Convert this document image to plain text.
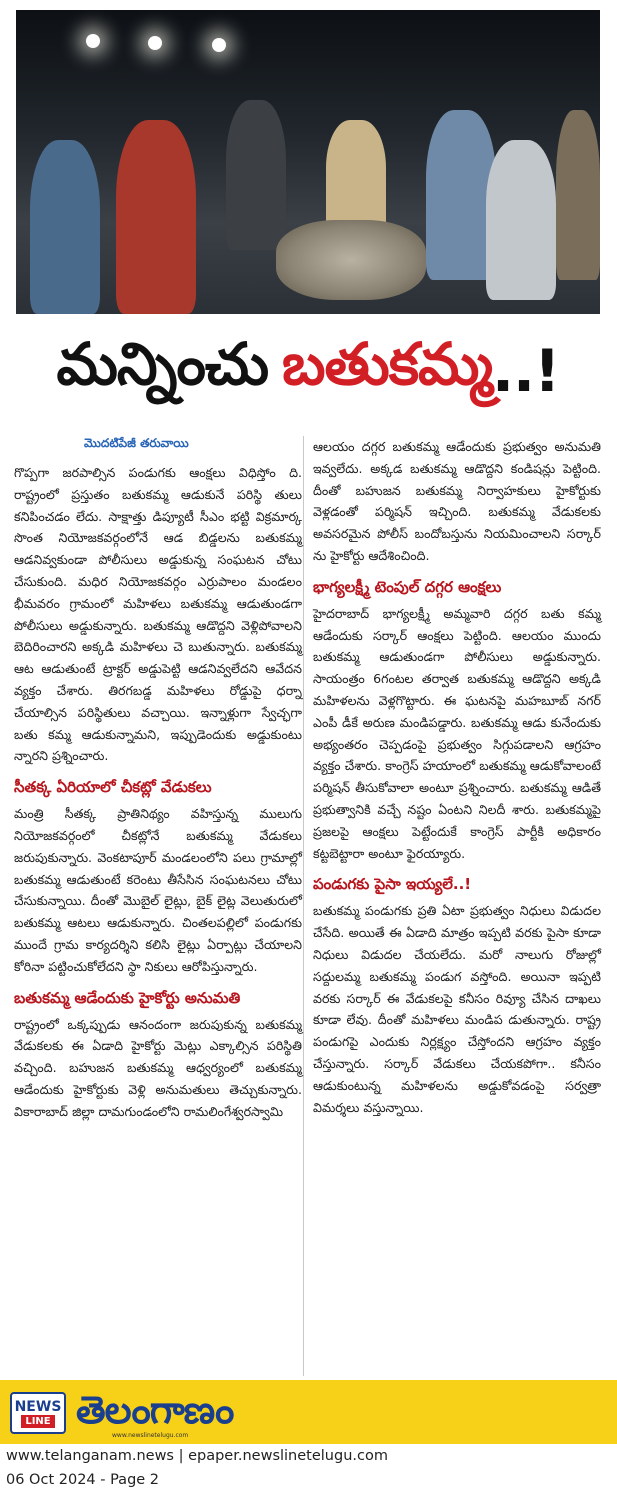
మన్నించు బతుకమ్మ ..!
మొదటిపేజీ తరువాయి

గొప్పగా జరపాల్సిన పండుగకు ఆంక్షలు విధిస్తోం ది. రాష్ట్రంలో ప్రస్తుతం బతుకమ్మ ఆడుకునే పరిస్థి తులు కనిపించడం లేదు. సాక్షాత్తు డిప్యూటీ సీఎం భట్టి విక్రమార్క సొంత నియోజకవర్గంలోనే ఆడ బిడ్డలను బతుకమ్మ ఆడనివ్వకుండా పోలీసులు అడ్డుకున్న సంఘటన చోటు చేసుకుంది. మధిర నియోజకవర్గం ఎర్రుపాలం మండలం భీమవరం గ్రామంలో మహిళలు బతుకమ్మ ఆడుతుండగా పోలీసులు అడ్డుకున్నారు. బతుకమ్మ ఆడొద్దని వెళ్లిపోవాలని బెదిరించారని అక్కడి మహిళలు చె బుతున్నారు. బతుకమ్మ ఆట ఆడుతుంటే ట్రాక్టర్ అడ్డుపెట్టి ఆడనివ్వలేదని ఆవేదన వ్యక్తం చేశారు. తిరగబడ్డ మహిళలు రోడ్డుపై ధర్నా చేయాల్సిన పరిస్థితులు వచ్చాయి. ఇన్నాళ్లుగా స్వేచ్ఛగా బతు కమ్మ ఆడుకున్నామని, ఇప్పుడెందుకు అడ్డుకుంటు న్నారని ప్రశ్నించారు.

సీతక్క ఏరియాలో చీకట్లో వేడుకలు

మంత్రి సీతక్క ప్రాతినిథ్యం వహిస్తున్న ములుగు నియోజకవర్గంలో చీకట్లోనే బతుకమ్మ వేడుకలు జరుపుకున్నారు. వెంకటాపూర్ మండలంలోని పలు గ్రామాల్లో బతుకమ్మ ఆడుతుంటే కరెంటు తీసేసిన సంఘటనలు చోటు చేసుకున్నాయి. దీంతో మొబైల్ లైట్లు, బైక్ లైట్ల వెలుతురులో బతుకమ్మ ఆటలు ఆడుకున్నారు. చింతలపల్లిలో పండుగకు ముందే గ్రామ కార్యదర్శిని కలిసి లైట్లు ఏర్పాట్లు చేయాలని కోరినా పట్టించుకోలేదని స్థా నికులు ఆరోపిస్తున్నారు.

బతుకమ్మ ఆడేందుకు హైకోర్టు అనుమతి

రాష్ట్రంలో ఒక్కప్పుడు ఆనందంగా జరుపుకున్న బతుకమ్మ వేడుకలకు ఈ ఏడాది హైకోర్టు మెట్లు ఎక్కాల్సిన పరిస్థితి వచ్చింది. బహుజన బతుకమ్మ ఆధ్వర్యంలో బతుకమ్మ ఆడేందుకు హైకోర్టుకు వెళ్లి అనుమతులు తెచ్చుకున్నారు. వికారాబాద్ జిల్లా దామగుండంలోని రామలింగేశ్వరస్వామి

ఆలయం దగ్గర బతుకమ్మ ఆడేందుకు ప్రభుత్వం అనుమతి ఇవ్వలేదు. అక్కడ బతుకమ్మ ఆడొద్దని కండిషన్లు పెట్టింది. దీంతో బహుజన బతుకమ్మ నిర్వాహకులు హైకోర్టుకు వెళ్లడంతో పర్మిషన్ ఇచ్చింది. బతుకమ్మ వేడుకలకు అవసరమైన పోలీస్ బందోబస్తును నియమించాలని సర్కార్ ను హైకోర్టు ఆదేశించింది.

భాగ్యలక్ష్మీ టెంపుల్ దగ్గర ఆంక్షలు

హైదరాబాద్ భాగ్యలక్ష్మీ అమ్మవారి దగ్గర బతు కమ్మ ఆడేందుకు సర్కార్ ఆంక్షలు పెట్టింది. ఆలయం ముందు బతుకమ్మ ఆడుతుండగా పోలీసులు అడ్డుకున్నారు. సాయంత్రం 6గంటల తర్వాత బతుకమ్మ ఆడొద్దని అక్కడి మహిళలను వెళ్లగొట్టారు. ఈ ఘటనపై మహబూబ్ నగర్ ఎంపీ డీకే అరుణ మండిపడ్డారు. బతుకమ్మ ఆడు కునేందుకు అభ్యంతరం చెప్పడంపై ప్రభుత్వం సిగ్గుపడాలని ఆగ్రహం వ్యక్తం చేశారు. కాంగ్రెస్ హయాంలో బతుకమ్మ ఆడుకోవాలంటే పర్మిషన్ తీసుకోవాలా అంటూ ప్రశ్నించారు. బతుకమ్మ ఆడితే ప్రభుత్వానికి వచ్చే నష్టం ఏంటని నిలదీ శారు. బతుకమ్మపై ప్రజలపై ఆంక్షలు పెట్టేందుకే కాంగ్రెస్ పార్టీకి అధికారం కట్టబెట్టారా అంటూ ఫైరయ్యారు.

పండుగకు పైసా ఇయ్యలే..!

బతుకమ్మ పండుగకు ప్రతి ఏటా ప్రభుత్వం నిధులు విడుదల చేసేది. అయితే ఈ ఏడాది మాత్రం ఇప్పటి వరకు పైసా కూడా నిధులు విడుదల చేయలేదు. మరో నాలుగు రోజుల్లో సద్దులమ్మ బతుకమ్మ పండుగ వస్తోంది. అయినా ఇప్పటి వరకు సర్కార్ ఈ వేడుకలపై కనీసం రివ్యూ చేసిన దాఖలు కూడా లేవు. దీంతో మహిళలు మండిప డుతున్నారు. రాష్ట్ర పండుగపై ఎందుకు నిర్లక్ష్యం చేస్తోందని ఆగ్రహం వ్యక్తం చేస్తున్నారు. సర్కార్ వేడుకలు చేయకపోగా.. కనీసం ఆడుకుంటున్న మహిళలను అడ్డుకోవడంపై సర్వత్రా విమర్శలు వస్తున్నాయి.

NEWS
LINE తెలంగాణం
www.newslinetelugu.com
www.telanganam.news | epaper.newslinetelugu.com
06 Oct 2024 - Page 2
